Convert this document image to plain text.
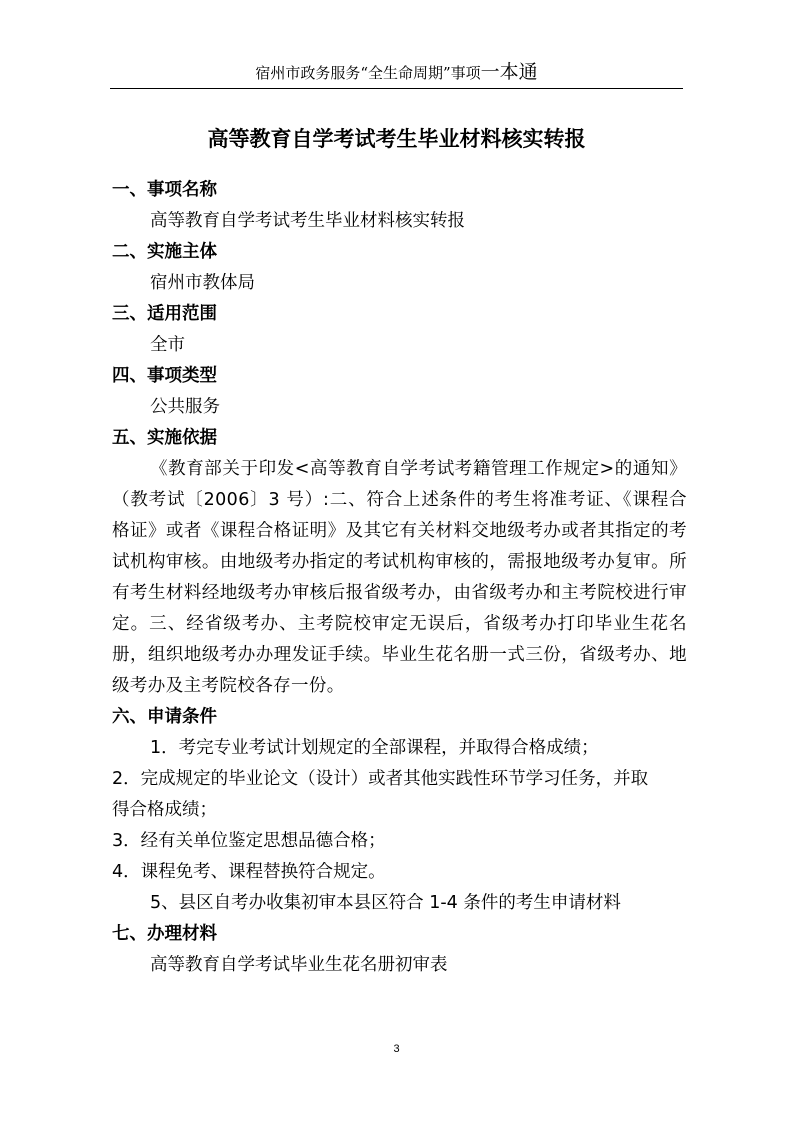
宿州市政务服务“全生命周期”事项一本通
高等教育自学考试考生毕业材料核实转报
一、事项名称
高等教育自学考试考生毕业材料核实转报
二、实施主体
宿州市教体局
三、适用范围
全市
四、事项类型
公共服务
五、实施依据
《教育部关于印发<高等教育自学考试考籍管理工作规定>的通知》（教考试〔2006〕3 号）:二、符合上述条件的考生将准考证、《课程合格证》或者《课程合格证明》及其它有关材料交地级考办或者其指定的考试机构审核。由地级考办指定的考试机构审核的，需报地级考办复审。所有考生材料经地级考办审核后报省级考办，由省级考办和主考院校进行审定。三、经省级考办、主考院校审定无误后，省级考办打印毕业生花名册，组织地级考办办理发证手续。毕业生花名册一式三份，省级考办、地级考办及主考院校各存一份。
六、申请条件
1．考完专业考试计划规定的全部课程，并取得合格成绩；
2．完成规定的毕业论文（设计）或者其他实践性环节学习任务，并取
得合格成绩；
3．经有关单位鉴定思想品德合格；
4．课程免考、课程替换符合规定。
5、县区自考办收集初审本县区符合 1-4 条件的考生申请材料
七、办理材料
高等教育自学考试毕业生花名册初审表
3
